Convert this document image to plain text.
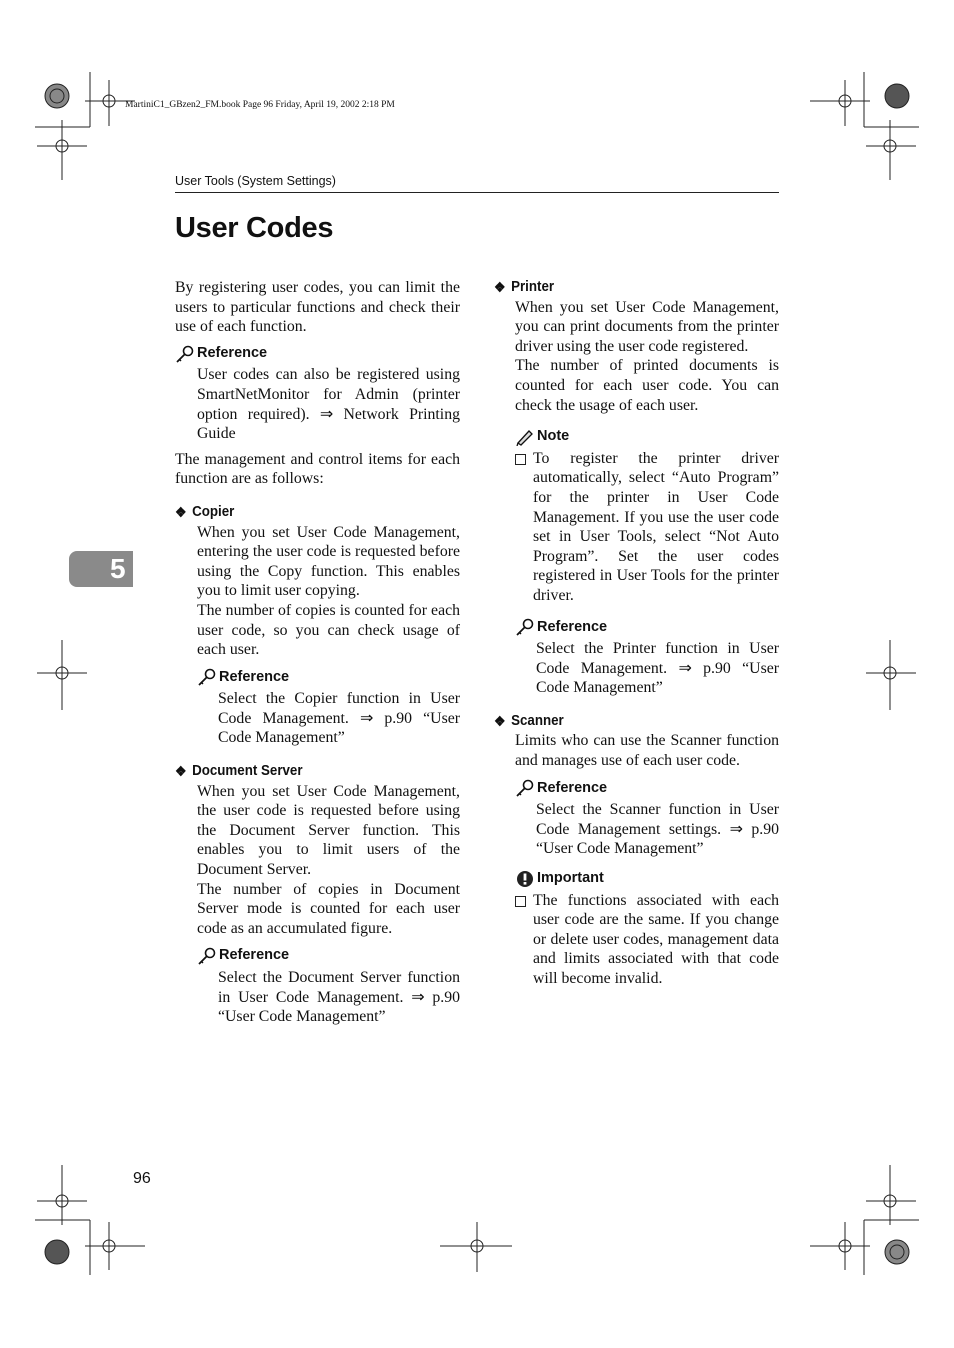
MartiniC1_GBzen2_FM.book Page 96 Friday, April 19, 2002 2:18 PM
User Tools (System Settings)
User Codes
5

By registering user codes, you can limit the users to particular functions and check their use of each function.

Reference

User codes can also be registered using SmartNetMonitor for Admin (printer option required). ⇒ Network Printing Guide

The management and control items for each function are as follows:

❖ Copier

When you set User Code Management, entering the user code is requested before using the Copy function. This enables you to limit user copying.

The number of copies is counted for each user code, so you can check usage of each user.

Reference

Select the Copier function in User Code Management. ⇒ p.90 “User Code Management”

❖ Document Server

When you set User Code Management, the user code is requested before using the Document Server function. This enables you to limit users of the Document Server.

The number of copies in Document Server mode is counted for each user code as an accumulated figure.

Reference

Select the Document Server function in User Code Management. ⇒ p.90 “User Code Management”

❖ Printer

When you set User Code Management, you can print documents from the printer driver using the user code registered.

The number of printed documents is counted for each user code. You can check the usage of each user.

Note

To register the printer driver automatically, select “Auto Program” for the printer in User Code Management. If you use the user code set in User Tools, select “Not Auto Program”. Set the user codes registered in User Tools for the printer driver.

Reference

Select the Printer function in User Code Management. ⇒ p.90 “User Code Management”

❖ Scanner

Limits who can use the Scanner function and manages use of each user code.

Reference

Select the Scanner function in User Code Management settings. ⇒ p.90 “User Code Management”

Important

The functions associated with each user code are the same. If you change or delete user codes, management data and limits associated with that code will become invalid.

96
